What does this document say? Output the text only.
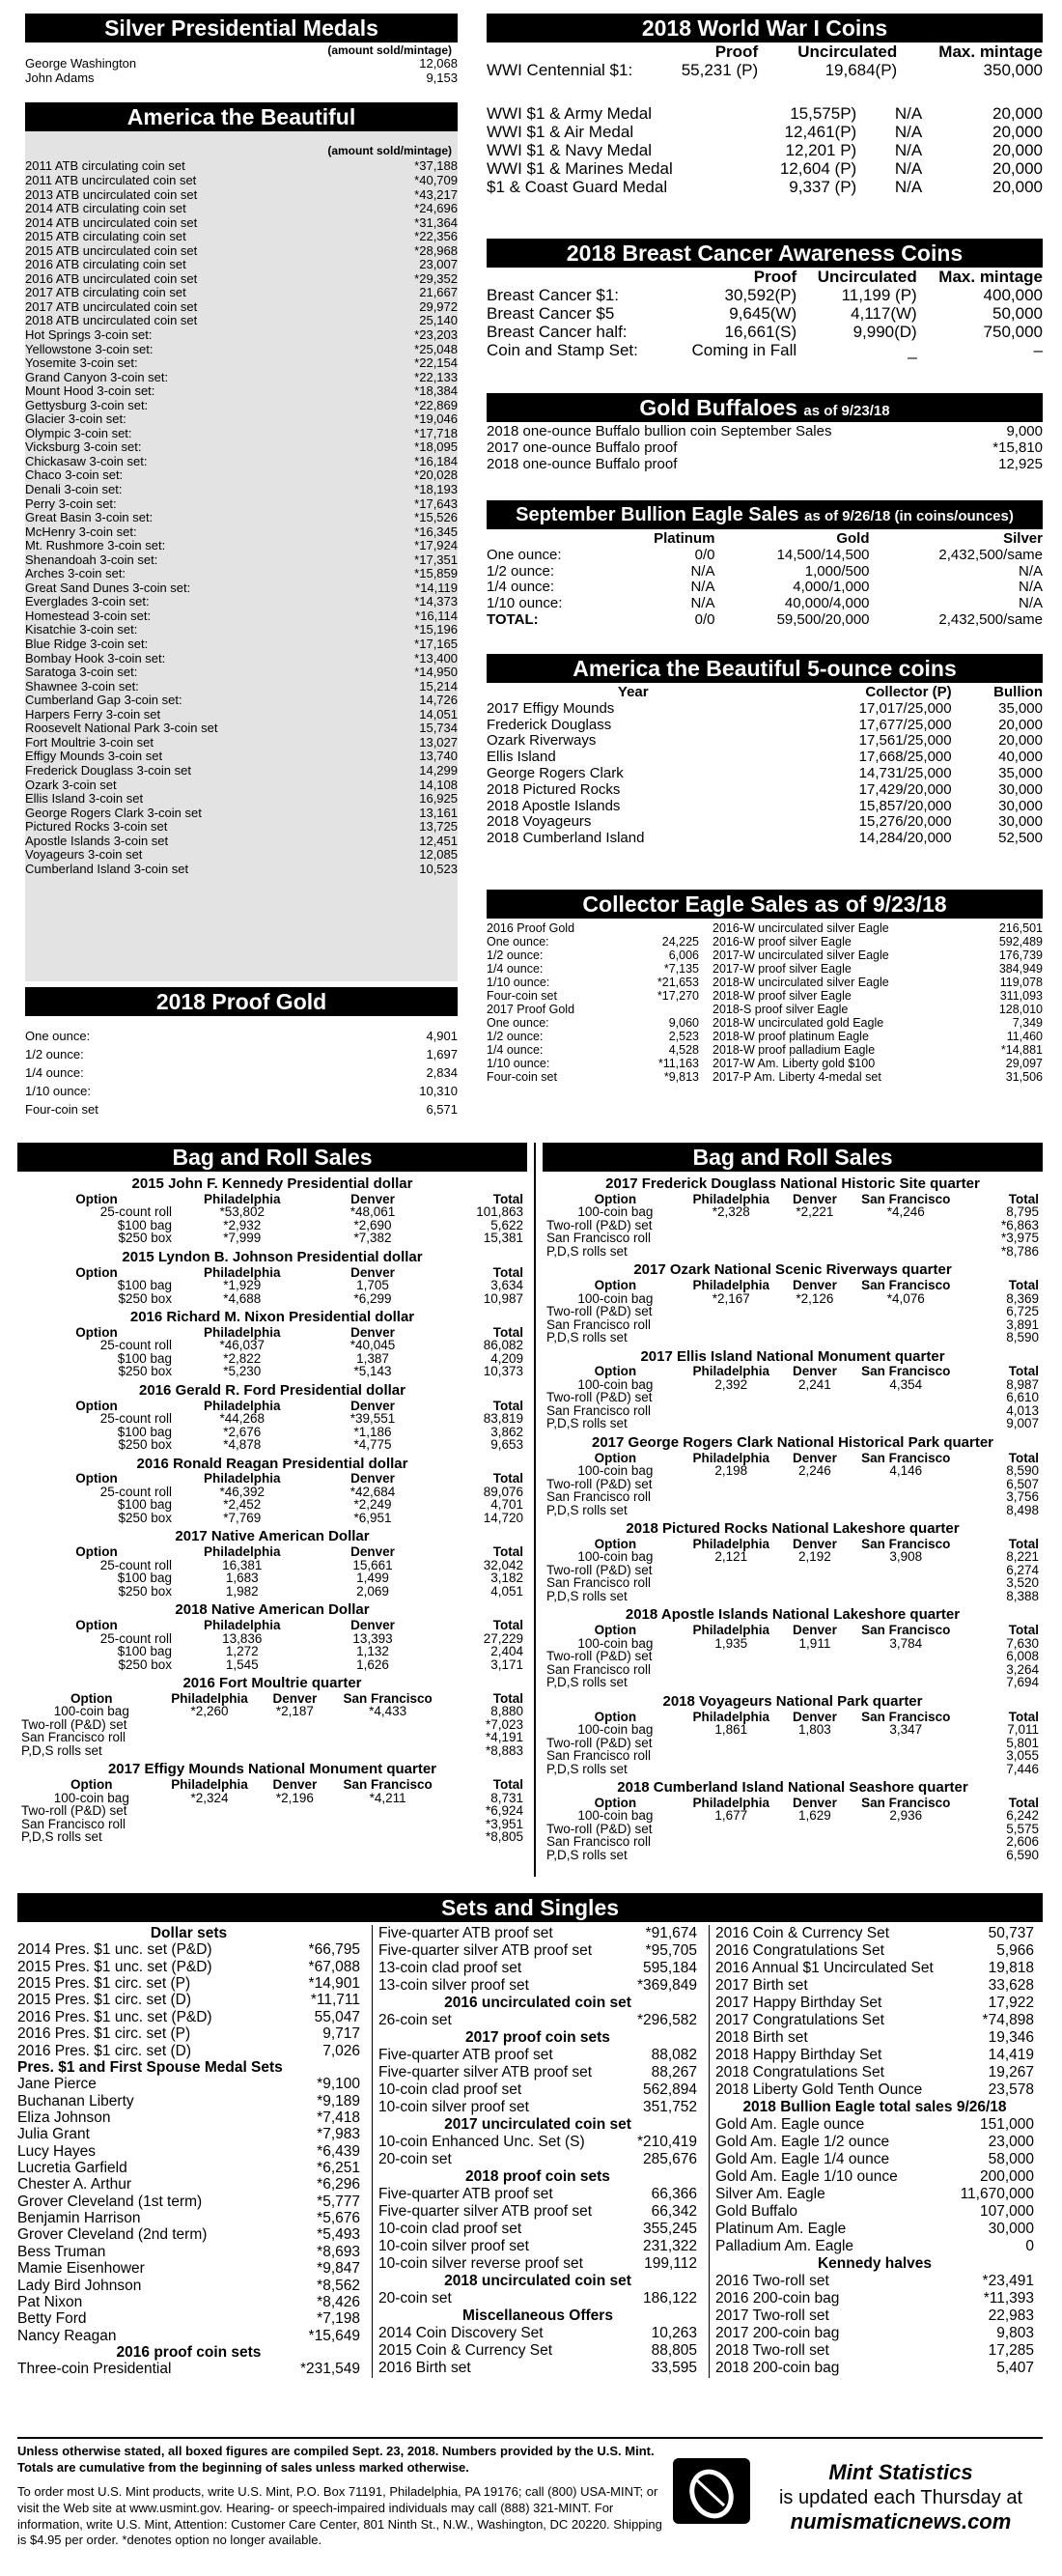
Silver Presidential Medals
(amount sold/mintage)
George Washington	12,068
John Adams	9,153
America the Beautiful
(amount sold/mintage)
2011 ATB circulating coin set	*37,188
2011 ATB uncirculated coin set	*40,709
2013 ATB uncirculated coin set	*43,217
2014 ATB circulating coin set	*24,696
2014 ATB uncirculated coin set	*31,364
2015 ATB circulating coin set	*22,356
2015 ATB uncirculated coin set	*28,968
2016 ATB circulating coin set	23,007
2016 ATB uncirculated coin set	*29,352
2017 ATB circulating coin set	21,667
2017 ATB uncirculated coin set	29,972
2018 ATB uncirculated coin set	25,140
Hot Springs 3-coin set:	*23,203
Yellowstone 3-coin set:	*25,048
Yosemite 3-coin set:	*22,154
Grand Canyon 3-coin set:	*22,133
Mount Hood 3-coin set:	*18,384
Gettysburg 3-coin set:	*22,869
Glacier 3-coin set:	*19,046
Olympic 3-coin set:	*17,718
Vicksburg 3-coin set:	*18,095
Chickasaw 3-coin set:	*16,184
Chaco 3-coin set:	*20,028
Denali 3-coin set:	*18,193
Perry 3-coin set:	*17,643
Great Basin 3-coin set:	*15,526
McHenry 3-coin set:	*16,345
Mt. Rushmore 3-coin set:	*17,924
Shenandoah 3-coin set:	*17,351
Arches 3-coin set:	*15,859
Great Sand Dunes 3-coin set:	*14,119
Everglades 3-coin set:	*14,373
Homestead 3-coin set:	*16,114
Kisatchie 3-coin set:	*15,196
Blue Ridge 3-coin set:	*17,165
Bombay Hook 3-coin set:	*13,400
Saratoga 3-coin set:	*14,950
Shawnee 3-coin set:	15,214
Cumberland Gap 3-coin set:	14,726
Harpers Ferry 3-coin set	14,051
Roosevelt National Park 3-coin set	15,734
Fort Moultrie 3-coin set	13,027
Effigy Mounds 3-coin set	13,740
Frederick Douglass 3-coin set	14,299
Ozark 3-coin set	14,108
Ellis Island 3-coin set	16,925
George Rogers Clark 3-coin set	13,161
Pictured Rocks 3-coin set	13,725
Apostle Islands 3-coin set	12,451
Voyageurs 3-coin set	12,085
Cumberland Island 3-coin set	10,523
2018 Proof Gold
One ounce:	4,901
1/2 ounce:	1,697
1/4 ounce:	2,834
1/10 ounce:	10,310
Four-coin set	6,571
2018 World War I Coins
	Proof	Uncirculated	Max. mintage
WWI Centennial $1:	55,231 (P)	19,684(P)	350,000
WWI $1 & Army Medal	15,575P)	N/A	20,000
WWI $1 & Air Medal	12,461(P)	N/A	20,000
WWI $1 & Navy Medal	12,201 P)	N/A	20,000
WWI $1 & Marines Medal	12,604 (P)	N/A	20,000
$1 & Coast Guard Medal	9,337 (P)	N/A	20,000
2018 Breast Cancer Awareness Coins
	Proof	Uncirculated	Max. mintage
Breast Cancer $1:	30,592(P)	11,199 (P)	400,000
Breast Cancer $5	9,645(W)	4,117(W)	50,000
Breast Cancer half:	16,661(S)	9,990(D)	750,000
Coin and Stamp Set:	Coming in Fall	_	–
Gold Buffaloes as of 9/23/18
2018 one-ounce Buffalo bullion coin September Sales	9,000
2017 one-ounce Buffalo proof	*15,810
2018 one-ounce Buffalo proof	12,925
September Bullion Eagle Sales as of 9/26/18 (in coins/ounces)
	Platinum	Gold	Silver
One ounce:	0/0	14,500/14,500	2,432,500/same
1/2 ounce:	N/A	1,000/500	N/A
1/4 ounce:	N/A	4,000/1,000	N/A
1/10 ounce:	N/A	40,000/4,000	N/A
TOTAL:	0/0	59,500/20,000	2,432,500/same
America the Beautiful 5-ounce coins
Year	Collector (P)	Bullion
2017 Effigy Mounds	17,017/25,000	35,000
Frederick Douglass	17,677/25,000	20,000
Ozark Riverways	17,561/25,000	20,000
Ellis Island	17,668/25,000	40,000
George Rogers Clark	14,731/25,000	35,000
2018 Pictured Rocks	17,429/20,000	30,000
2018 Apostle Islands	15,857/20,000	30,000
2018 Voyageurs	15,276/20,000	30,000
2018 Cumberland Island	14,284/20,000	52,500
Collector Eagle Sales as of 9/23/18
2016 Proof Gold	
One ounce:	24,225
1/2 ounce:	6,006
1/4 ounce:	*7,135
1/10 ounce:	*21,653
Four-coin set	*17,270
2017 Proof Gold	
One ounce:	9,060
1/2 ounce:	2,523
1/4 ounce:	4,528
1/10 ounce:	*11,163
Four-coin set	*9,813
2016-W uncirculated silver Eagle	216,501
2016-W proof silver Eagle	592,489
2017-W uncirculated silver Eagle	176,739
2017-W proof silver Eagle	384,949
2018-W uncirculated silver Eagle	119,078
2018-W proof silver Eagle	311,093
2018-S proof silver Eagle	128,010
2018-W uncirculated gold Eagle	7,349
2018-W proof platinum Eagle	11,460
2018-W proof palladium Eagle	*14,881
2017-W Am. Liberty gold $100	29,097
2017-P Am. Liberty 4-medal set	31,506
Bag and Roll Sales
2015 John F. Kennedy Presidential dollar
Option	Philadelphia	Denver	Total
25-count roll	*53,802	*48,061	101,863
$100 bag	*2,932	*2,690	5,622
$250 box	*7,999	*7,382	15,381
2015 Lyndon B. Johnson Presidential dollar
Option	Philadelphia	Denver	Total
$100 bag	*1,929	1,705	3,634
$250 box	*4,688	*6,299	10,987
2016 Richard M. Nixon Presidential dollar
Option	Philadelphia	Denver	Total
25-count roll	*46,037	*40,045	86,082
$100 bag	*2,822	1,387	4,209
$250 box	*5,230	*5,143	10,373
2016 Gerald R. Ford Presidential dollar
Option	Philadelphia	Denver	Total
25-count roll	*44,268	*39,551	83,819
$100 bag	*2,676	*1,186	3,862
$250 box	*4,878	*4,775	9,653
2016 Ronald Reagan Presidential dollar
Option	Philadelphia	Denver	Total
25-count roll	*46,392	*42,684	89,076
$100 bag	*2,452	*2,249	4,701
$250 box	*7,769	*6,951	14,720
2017 Native American Dollar
Option	Philadelphia	Denver	Total
25-count roll	16,381	15,661	32,042
$100 bag	1,683	1,499	3,182
$250 box	1,982	2,069	4,051
2018 Native American Dollar
Option	Philadelphia	Denver	Total
25-count roll	13,836	13,393	27,229
$100 bag	1,272	1,132	2,404
$250 box	1,545	1,626	3,171
2016 Fort Moultrie quarter
Option	Philadelphia	Denver	San Francisco	Total
100-coin bag	*2,260	*2,187	*4,433	8,880
Two-roll (P&D) set				*7,023
San Francisco roll				*4,191
P,D,S rolls set				*8,883
2017 Effigy Mounds National Monument quarter
Option	Philadelphia	Denver	San Francisco	Total
100-coin bag	*2,324	*2,196	*4,211	8,731
Two-roll (P&D) set				*6,924
San Francisco roll				*3,951
P,D,S rolls set				*8,805
Bag and Roll Sales
2017 Frederick Douglass National Historic Site quarter
Option	Philadelphia	Denver	San Francisco	Total
100-coin bag	*2,328	*2,221	*4,246	8,795
Two-roll (P&D) set				*6,863
San Francisco roll				*3,975
P,D,S rolls set				*8,786
2017 Ozark National Scenic Riverways quarter
Option	Philadelphia	Denver	San Francisco	Total
100-coin bag	*2,167	*2,126	*4,076	8,369
Two-roll (P&D) set				6,725
San Francisco roll				3,891
P,D,S rolls set				8,590
2017 Ellis Island National Monument quarter
Option	Philadelphia	Denver	San Francisco	Total
100-coin bag	2,392	2,241	4,354	8,987
Two-roll (P&D) set				6,610
San Francisco roll				4,013
P,D,S rolls set				9,007
2017 George Rogers Clark National Historical Park quarter
Option	Philadelphia	Denver	San Francisco	Total
100-coin bag	2,198	2,246	4,146	8,590
Two-roll (P&D) set				6,507
San Francisco roll				3,756
P,D,S rolls set				8,498
2018 Pictured Rocks National Lakeshore quarter
Option	Philadelphia	Denver	San Francisco	Total
100-coin bag	2,121	2,192	3,908	8,221
Two-roll (P&D) set				6,274
San Francisco roll				3,520
P,D,S rolls set				8,388
2018 Apostle Islands National Lakeshore quarter
Option	Philadelphia	Denver	San Francisco	Total
100-coin bag	1,935	1,911	3,784	7,630
Two-roll (P&D) set				6,008
San Francisco roll				3,264
P,D,S rolls set				7,694
2018 Voyageurs National Park quarter
Option	Philadelphia	Denver	San Francisco	Total
100-coin bag	1,861	1,803	3,347	7,011
Two-roll (P&D) set				5,801
San Francisco roll				3,055
P,D,S rolls set				7,446
2018 Cumberland Island National Seashore quarter
Option	Philadelphia	Denver	San Francisco	Total
100-coin bag	1,677	1,629	2,936	6,242
Two-roll (P&D) set				5,575
San Francisco roll				2,606
P,D,S rolls set				6,590
Sets and Singles
Dollar sets	
2014 Pres. $1 unc. set (P&D)	*66,795
2015 Pres. $1 unc. set (P&D)	*67,088
2015 Pres. $1 circ. set (P)	*14,901
2015 Pres. $1 circ. set (D)	*11,711
2016 Pres. $1 unc. set (P&D)	55,047
2016 Pres. $1 circ. set (P)	9,717
2016 Pres. $1 circ. set (D)	7,026
Pres. $1 and First Spouse Medal Sets	
Jane Pierce	*9,100
Buchanan Liberty	*9,189
Eliza Johnson	*7,418
Julia Grant	*7,983
Lucy Hayes	*6,439
Lucretia Garfield	*6,251
Chester A. Arthur	*6,296
Grover Cleveland (1st term)	*5,777
Benjamin Harrison	*5,676
Grover Cleveland (2nd term)	*5,493
Bess Truman	*8,693
Mamie Eisenhower	*9,847
Lady Bird Johnson	*8,562
Pat Nixon	*8,426
Betty Ford	*7,198
Nancy Reagan	*15,649
2016 proof coin sets	
Three-coin Presidential	*231,549
Five-quarter ATB proof set	*91,674
Five-quarter silver ATB proof set	*95,705
13-coin clad proof set	595,184
13-coin silver proof set	*369,849
2016 uncirculated coin set	
26-coin set	*296,582
2017 proof coin sets	
Five-quarter ATB proof set	88,082
Five-quarter silver ATB proof set	88,267
10-coin clad proof set	562,894
10-coin silver proof set	351,752
2017 uncirculated coin set	
10-coin Enhanced Unc. Set (S)	*210,419
20-coin set	285,676
2018 proof coin sets	
Five-quarter ATB proof set	66,366
Five-quarter silver ATB proof set	66,342
10-coin clad proof set	355,245
10-coin silver proof set	231,322
10-coin silver reverse proof set	199,112
2018 uncirculated coin set	
20-coin set	186,122
Miscellaneous Offers	
2014 Coin Discovery Set	10,263
2015 Coin & Currency Set	88,805
2016 Birth set	33,595
2016 Coin & Currency Set	50,737
2016 Congratulations Set	5,966
2016 Annual $1 Uncirculated Set	19,818
2017 Birth set	33,628
2017 Happy Birthday Set	17,922
2017 Congratulations Set	*74,898
2018 Birth set	19,346
2018 Happy Birthday Set	14,419
2018 Congratulations Set	19,267
2018 Liberty Gold Tenth Ounce	23,578
2018 Bullion Eagle total sales 9/26/18	
Gold Am. Eagle ounce	151,000
Gold Am. Eagle 1/2 ounce	23,000
Gold Am. Eagle 1/4 ounce	58,000
Gold Am. Eagle 1/10 ounce	200,000
Silver Am. Eagle	11,670,000
Gold Buffalo	107,000
Platinum Am. Eagle	30,000
Palladium Am. Eagle	0
Kennedy halves	
2016 Two-roll set	*23,491
2016 200-coin bag	*11,393
2017 Two-roll set	22,983
2017 200-coin bag	9,803
2018 Two-roll set	17,285
2018 200-coin bag	5,407

Unless otherwise stated, all boxed figures are compiled Sept. 23, 2018. Numbers provided by the U.S. Mint. Totals are cumulative from the beginning of sales unless marked otherwise.

To order most U.S. Mint products, write U.S. Mint, P.O. Box 71191, Philadelphia, PA 19176; call (800) USA-MINT; or visit the Web site at www.usmint.gov. Hearing- or speech-impaired individuals may call (888) 321-MINT. For information, write U.S. Mint, Attention: Customer Care Center, 801 Ninth St., N.W., Washington, DC 20220. Shipping is $4.95 per order. *denotes option no longer available.

Mint Statistics
is updated each Thursday at
numismaticnews.com
